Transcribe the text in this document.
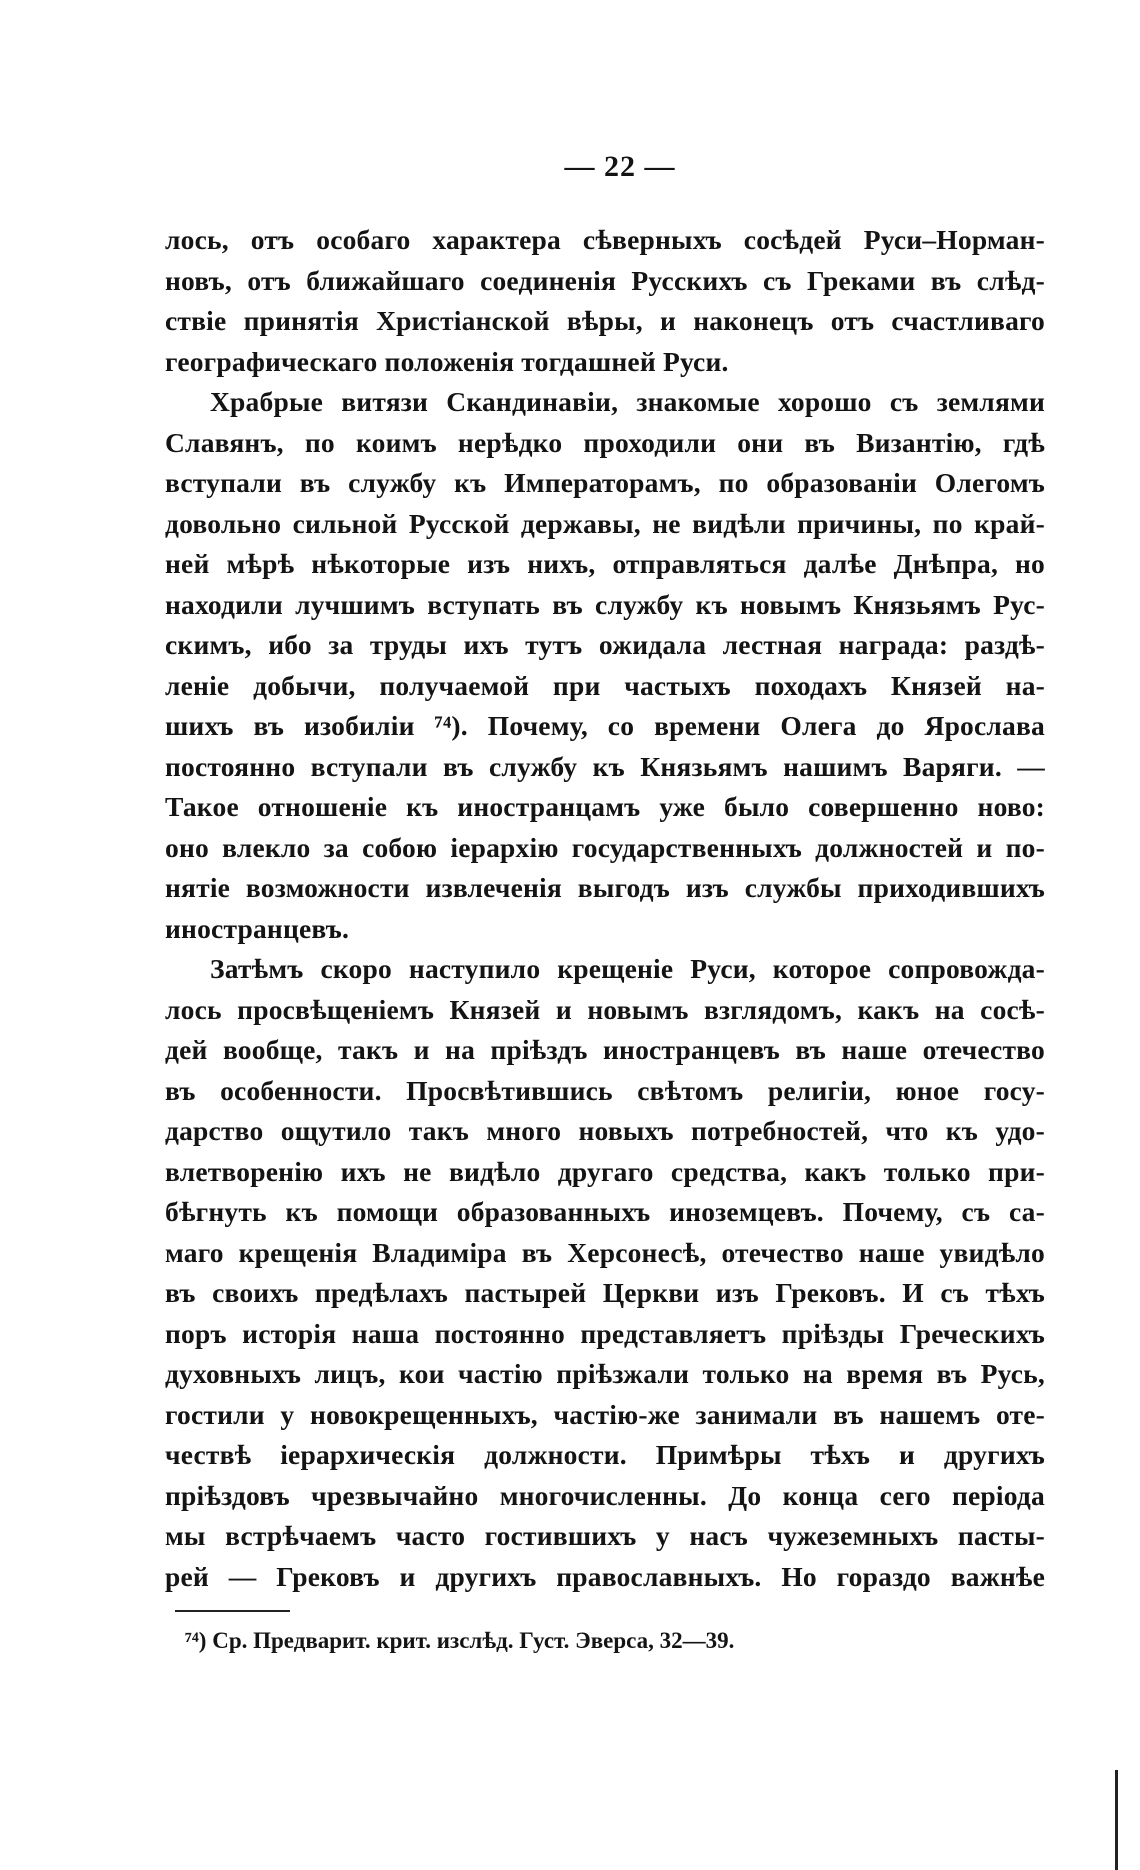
— 22 —
лось, отъ особаго характера сѣверныхъ сосѣдей Руси–Норман-
новъ, отъ ближайшаго соединенія Русскихъ съ Греками въ слѣд-
ствіе принятія Христіанской вѣры, и наконецъ отъ счастливаго
географическаго положенія тогдашней Руси.
Храбрые витязи Скандинавіи, знакомые хорошо съ землями
Славянъ, по коимъ нерѣдко проходили они въ Византію, гдѣ
вступали въ службу къ Императорамъ, по образованіи Олегомъ
довольно сильной Русской державы, не видѣли причины, по край-
ней мѣрѣ нѣкоторые изъ нихъ, отправляться далѣе Днѣпра, но
находили лучшимъ вступать въ службу къ новымъ Князьямъ Рус-
скимъ, ибо за труды ихъ тутъ ожидала лестная награда: раздѣ-
леніе добычи, получаемой при частыхъ походахъ Князей на-
шихъ въ изобиліи ⁷⁴). Почему, со времени Олега до Ярослава
постоянно вступали въ службу къ Князьямъ нашимъ Варяги. —
Такое отношеніе къ иностранцамъ уже было совершенно ново:
оно влекло за собою іерархію государственныхъ должностей и по-
нятіе возможности извлеченія выгодъ изъ службы приходившихъ
иностранцевъ.
Затѣмъ скоро наступило крещеніе Руси, которое сопровожда-
лось просвѣщеніемъ Князей и новымъ взглядомъ, какъ на сосѣ-
дей вообще, такъ и на пріѣздъ иностранцевъ въ наше отечество
въ особенности. Просвѣтившись свѣтомъ религіи, юное госу-
дарство ощутило такъ много новыхъ потребностей, что къ удо-
влетворенію ихъ не видѣло другаго средства, какъ только при-
бѣгнуть къ помощи образованныхъ иноземцевъ. Почему, съ са-
маго крещенія Владиміра въ Херсонесѣ, отечество наше увидѣло
въ своихъ предѣлахъ пастырей Церкви изъ Грековъ. И съ тѣхъ
поръ исторія наша постоянно представляетъ пріѣзды Греческихъ
духовныхъ лицъ, кои частію пріѣзжали только на время въ Русь,
гостили у новокрещенныхъ, частію-же занимали въ нашемъ оте-
чествѣ іерархическія должности. Примѣры тѣхъ и другихъ
пріѣздовъ чрезвычайно многочисленны. До конца сего періода
мы встрѣчаемъ часто гостившихъ у насъ чужеземныхъ пасты-
рей — Грековъ и другихъ православныхъ. Но гораздо важнѣе
⁷⁴) Ср. Предварит. крит. изслѣд. Густ. Эверса, 32—39.
